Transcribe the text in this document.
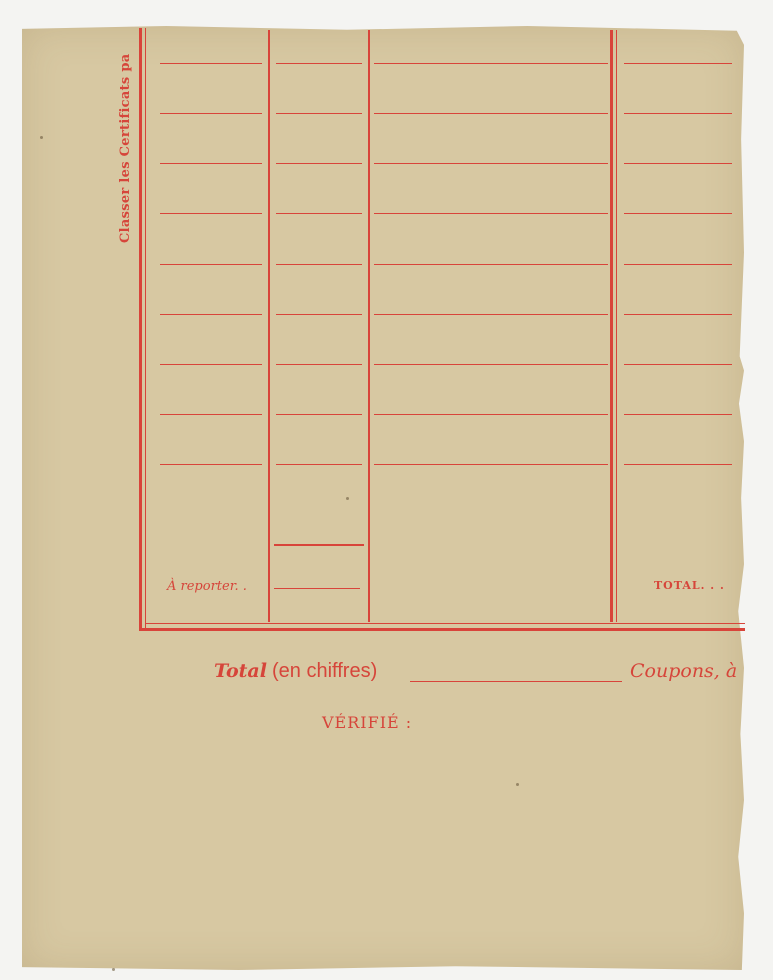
Classer les Certificats pa
À reporter. .	TOTAL. . .
Total (en chiffres)	Coupons, à
VÉRIFIÉ :
